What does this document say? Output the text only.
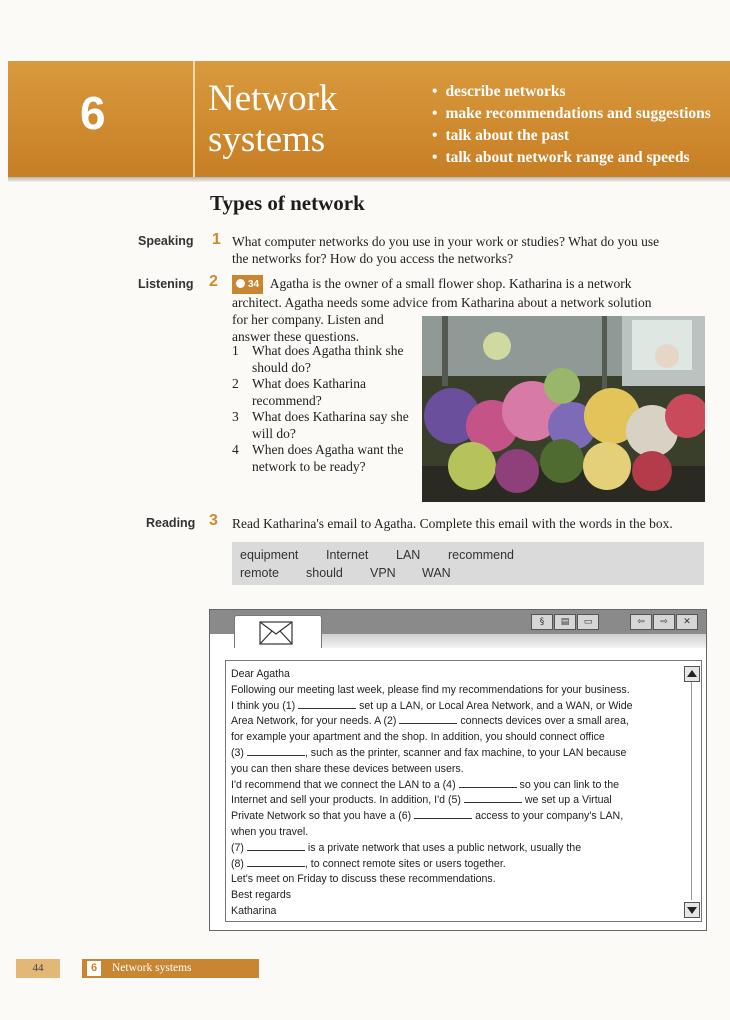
6	Network
systems
• describe networks
• make recommendations and suggestions
• talk about the past
• talk about network range and speeds
Types of network
Speaking 1 What computer networks do you use in your work or studies? What do you use
the networks for? How do you access the networks?
Listening 2	34 Agatha is the owner of a small flower shop. Katharina is a network
architect. Agatha needs some advice from Katharina about a network solution
for her company. Listen and
answer these questions.
1 What does Agatha think she should do?
2 What does Katharina recommend?
3 What does Katharina say she will do?
4 When does Agatha want the network to be ready?
Reading 3 Read Katharina's email to Agatha. Complete this email with the words in the box.
equipment Internet LAN recommend
remote should VPN WAN
§ ▤ ▭	⇦ ⇨ ✕
Dear Agatha
Following our meeting last week, please find my recommendations for your business.
I think you (1)	set up a LAN, or Local Area Network, and a WAN, or Wide
Area Network, for your needs. A (2)	connects devices over a small area,
for example your apartment and the shop. In addition, you should connect office
(3)	, such as the printer, scanner and fax machine, to your LAN because
you can then share these devices between users.
I'd recommend that we connect the LAN to a (4)	so you can link to the
Internet and sell your products. In addition, I'd (5)	we set up a Virtual
Private Network so that you have a (6)	access to your company's LAN,
when you travel.
(7)	is a private network that uses a public network, usually the
(8)	, to connect remote sites or users together.
Let's meet on Friday to discuss these recommendations.
Best regards
Katharina
44	6	Network systems
